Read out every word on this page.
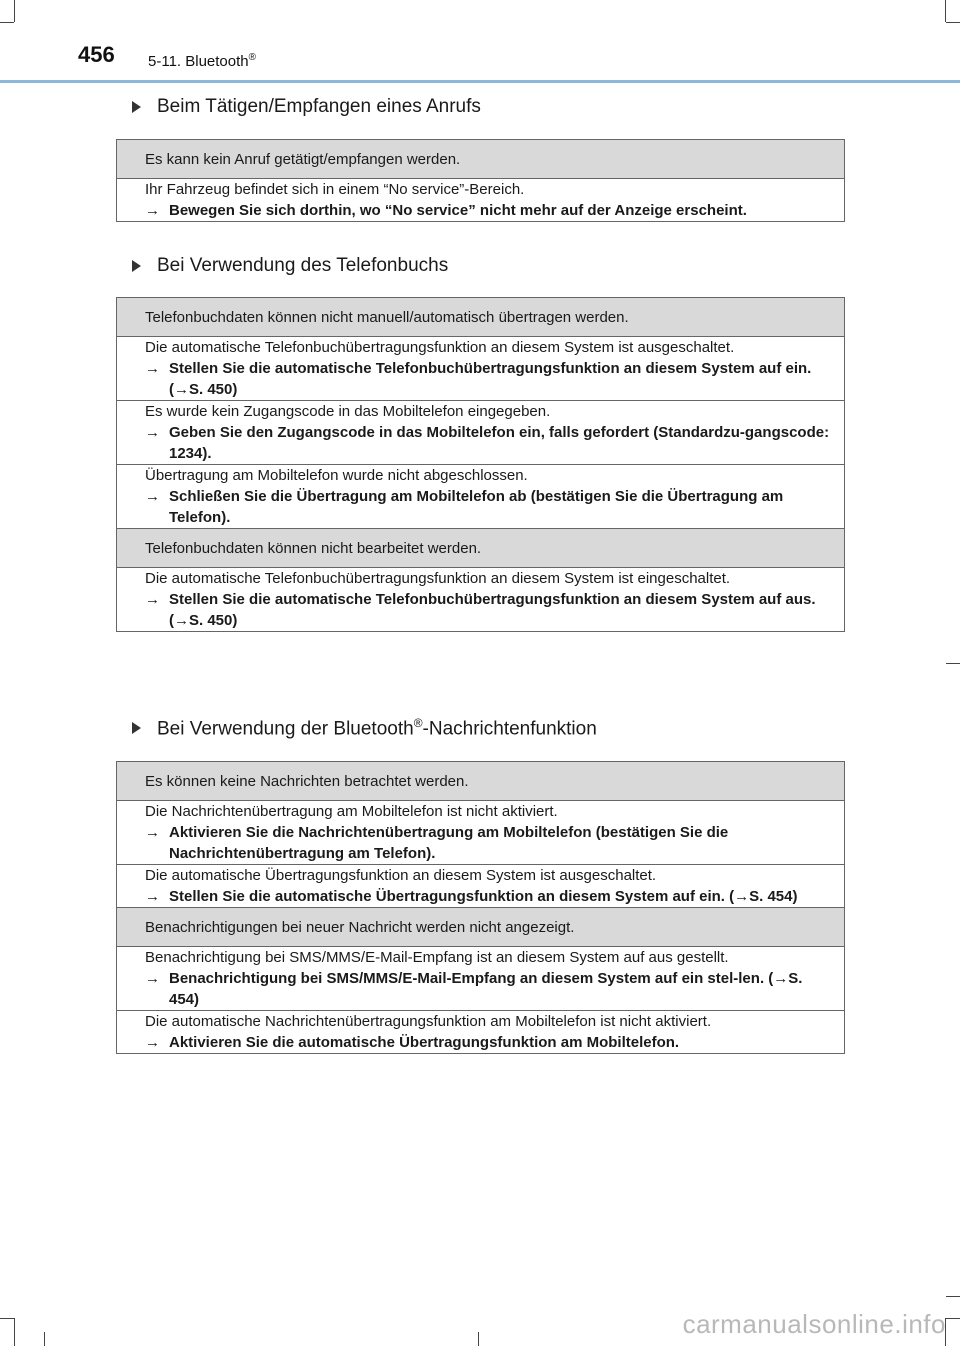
456 5-11. Bluetooth®
Beim Tätigen/Empfangen eines Anrufs
Es kann kein Anruf getätigt/empfangen werden.

Ihr Fahrzeug befindet sich in einem “No service”-Bereich.
→ Bewegen Sie sich dorthin, wo “No service” nicht mehr auf der Anzeige erscheint.
Bei Verwendung des Telefonbuchs
Telefonbuchdaten können nicht manuell/automatisch übertragen werden.

Die automatische Telefonbuchübertragungsfunktion an diesem System ist ausgeschaltet.
→ Stellen Sie die automatische Telefonbuchübertragungsfunktion an diesem System auf ein. (→S. 450)

Es wurde kein Zugangscode in das Mobiltelefon eingegeben.
→ Geben Sie den Zugangscode in das Mobiltelefon ein, falls gefordert (Standardzu-gangscode: 1234).

Übertragung am Mobiltelefon wurde nicht abgeschlossen.
→ Schließen Sie die Übertragung am Mobiltelefon ab (bestätigen Sie die Übertragung am Telefon).

Telefonbuchdaten können nicht bearbeitet werden.

Die automatische Telefonbuchübertragungsfunktion an diesem System ist eingeschaltet.
→ Stellen Sie die automatische Telefonbuchübertragungsfunktion an diesem System auf aus. (→S. 450)
Bei Verwendung der Bluetooth®-Nachrichtenfunktion
Es können keine Nachrichten betrachtet werden.

Die Nachrichtenübertragung am Mobiltelefon ist nicht aktiviert.
→ Aktivieren Sie die Nachrichtenübertragung am Mobiltelefon (bestätigen Sie die Nachrichtenübertragung am Telefon).

Die automatische Übertragungsfunktion an diesem System ist ausgeschaltet.
→ Stellen Sie die automatische Übertragungsfunktion an diesem System auf ein. (→S. 454)

Benachrichtigungen bei neuer Nachricht werden nicht angezeigt.

Benachrichtigung bei SMS/MMS/E-Mail-Empfang ist an diesem System auf aus gestellt.
→ Benachrichtigung bei SMS/MMS/E-Mail-Empfang an diesem System auf ein stel-len. (→S. 454)

Die automatische Nachrichtenübertragungsfunktion am Mobiltelefon ist nicht aktiviert.
→ Aktivieren Sie die automatische Übertragungsfunktion am Mobiltelefon.
carmanualsonline.info
